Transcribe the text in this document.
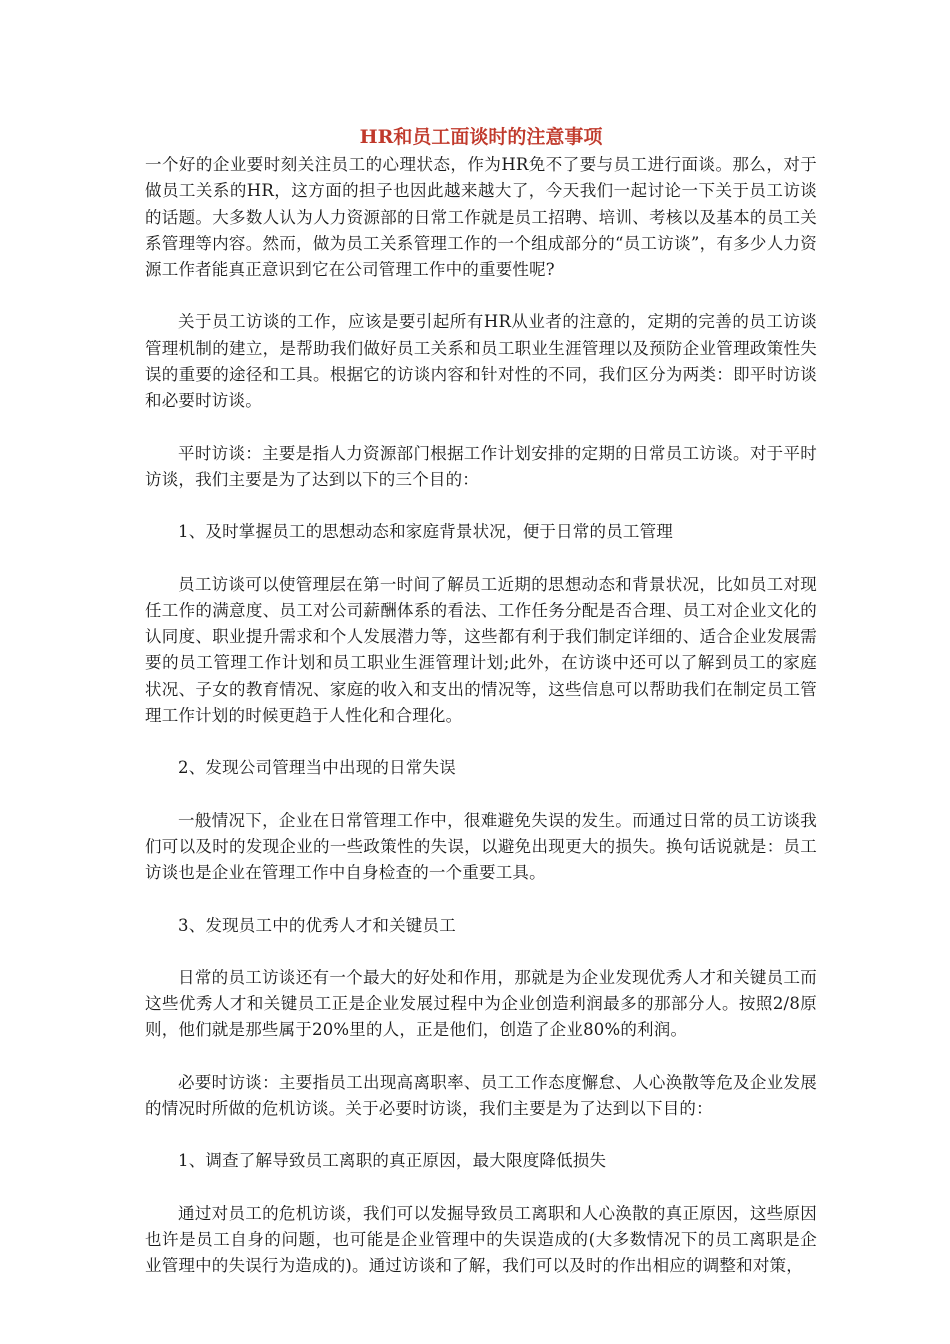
HR和员工面谈时的注意事项

一个好的企业要时刻关注员工的心理状态，作为HR免不了要与员工进行面谈。那么，对于做员工关系的HR，这方面的担子也因此越来越大了，今天我们一起讨论一下关于员工访谈的话题。大多数人认为人力资源部的日常工作就是员工招聘、培训、考核以及基本的员工关系管理等内容。然而，做为员工关系管理工作的一个组成部分的“员工访谈”，有多少人力资源工作者能真正意识到它在公司管理工作中的重要性呢?

关于员工访谈的工作，应该是要引起所有HR从业者的注意的，定期的完善的员工访谈管理机制的建立，是帮助我们做好员工关系和员工职业生涯管理以及预防企业管理政策性失误的重要的途径和工具。根据它的访谈内容和针对性的不同，我们区分为两类：即平时访谈和必要时访谈。

平时访谈：主要是指人力资源部门根据工作计划安排的定期的日常员工访谈。对于平时访谈，我们主要是为了达到以下的三个目的：

1、及时掌握员工的思想动态和家庭背景状况，便于日常的员工管理

员工访谈可以使管理层在第一时间了解员工近期的思想动态和背景状况，比如员工对现任工作的满意度、员工对公司薪酬体系的看法、工作任务分配是否合理、员工对企业文化的认同度、职业提升需求和个人发展潜力等，这些都有利于我们制定详细的、适合企业发展需要的员工管理工作计划和员工职业生涯管理计划;此外，在访谈中还可以了解到员工的家庭状况、子女的教育情况、家庭的收入和支出的情况等，这些信息可以帮助我们在制定员工管理工作计划的时候更趋于人性化和合理化。

2、发现公司管理当中出现的日常失误

一般情况下，企业在日常管理工作中，很难避免失误的发生。而通过日常的员工访谈我们可以及时的发现企业的一些政策性的失误，以避免出现更大的损失。换句话说就是：员工访谈也是企业在管理工作中自身检查的一个重要工具。

3、发现员工中的优秀人才和关键员工

日常的员工访谈还有一个最大的好处和作用，那就是为企业发现优秀人才和关键员工而这些优秀人才和关键员工正是企业发展过程中为企业创造利润最多的那部分人。按照2/8原则，他们就是那些属于20%里的人，正是他们，创造了企业80%的利润。

必要时访谈：主要指员工出现高离职率、员工工作态度懈怠、人心涣散等危及企业发展的情况时所做的危机访谈。关于必要时访谈，我们主要是为了达到以下目的：

1、调查了解导致员工离职的真正原因，最大限度降低损失

通过对员工的危机访谈，我们可以发掘导致员工离职和人心涣散的真正原因，这些原因也许是员工自身的问题，也可能是企业管理中的失误造成的(大多数情况下的员工离职是企业管理中的失误行为造成的)。通过访谈和了解，我们可以及时的作出相应的调整和对策，
